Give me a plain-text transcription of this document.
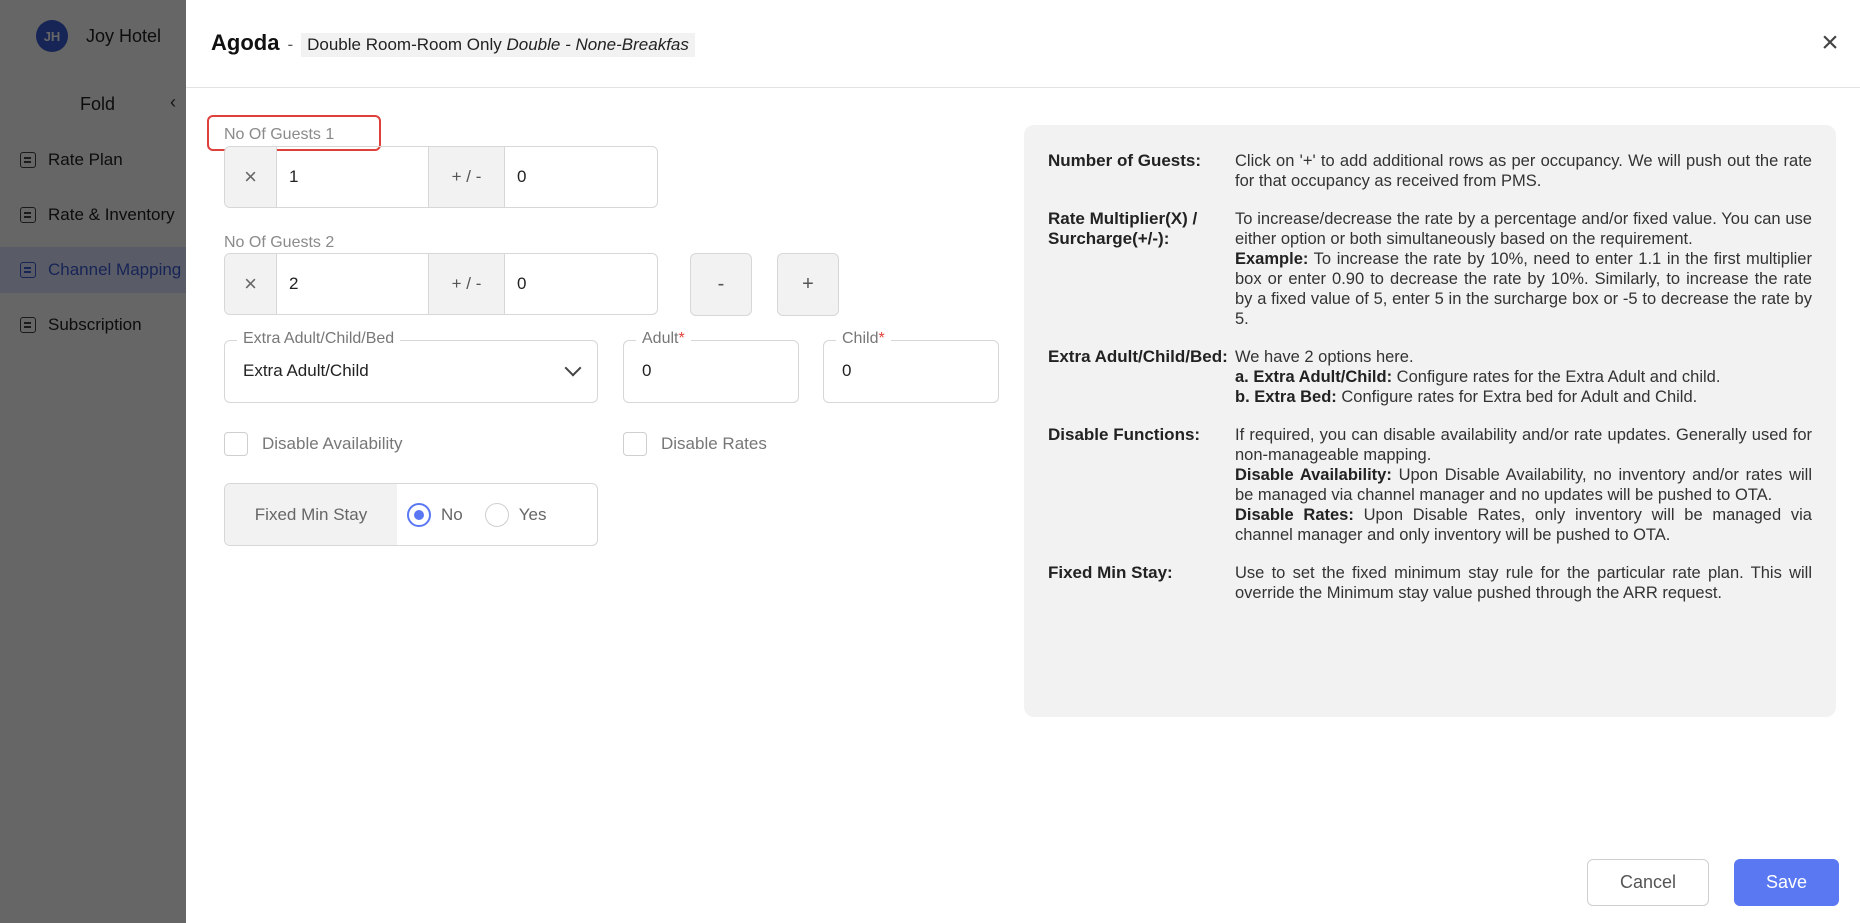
Agoda - Double Room-Room Only Double - None-Breakfas	×
No Of Guests 1
×	1	+ / -	0
No Of Guests 2
×	2	+ / -	0	-	+
Extra Adult/Child/Bed
Extra Adult/Child
Adult*
0
Child*
0
Disable Availability	Disable Rates
Fixed Min Stay	No	Yes
Number of Guests:	Click on '+' to add additional rows as per occupancy. We will push out the rate for that occupancy as received from PMS.
Rate Multiplier(X) / Surcharge(+/-):
To increase/decrease the rate by a percentage and/or fixed value. You can use either option or both simultaneously based on the requirement.
Example: To increase the rate by 10%, need to enter 1.1 in the first multiplier box or enter 0.90 to decrease the rate by 10%. Similarly, to increase the rate by a fixed value of 5, enter 5 in the surcharge box or -5 to decrease the rate by 5.
Extra Adult/Child/Bed: We have 2 options here.
a. Extra Adult/Child: Configure rates for the Extra Adult and child.
b. Extra Bed: Configure rates for Extra bed for Adult and Child.
Disable Functions:	If required, you can disable availability and/or rate updates. Generally used for non-manageable mapping.
Disable Availability: Upon Disable Availability, no inventory and/or rates will be managed via channel manager and no updates will be pushed to OTA.
Disable Rates: Upon Disable Rates, only inventory will be managed via channel manager and only inventory will be pushed to OTA.
Fixed Min Stay:	Use to set the fixed minimum stay rule for the particular rate plan. This will override the Minimum stay value pushed through the ARR request.
Cancel	Save
